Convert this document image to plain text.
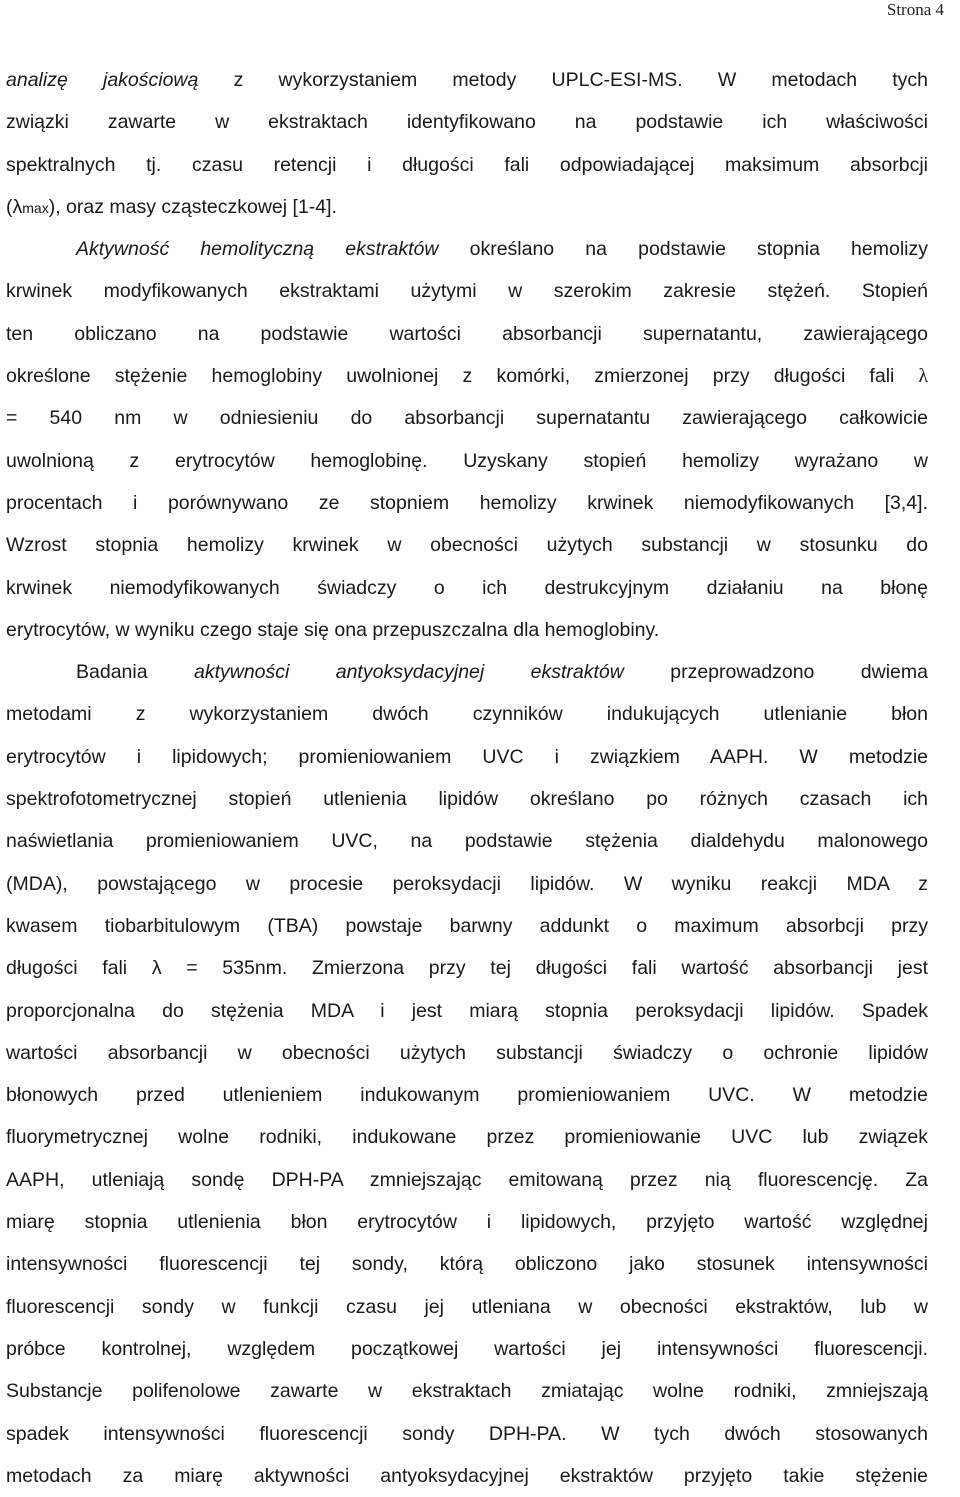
Strona 4
analizę jakościową z wykorzystaniem metody UPLC-ESI-MS. W metodach tych
związki zawarte w ekstraktach identyfikowano na podstawie ich właściwości
spektralnych tj. czasu retencji i długości fali odpowiadającej maksimum absorbcji
(λmax), oraz masy cząsteczkowej [1-4].
Aktywność hemolityczną ekstraktów określano na podstawie stopnia hemolizy
krwinek modyfikowanych ekstraktami użytymi w szerokim zakresie stężeń. Stopień
ten obliczano na podstawie wartości absorbancji supernatantu, zawierającego
określone stężenie hemoglobiny uwolnionej z komórki, zmierzonej przy długości fali λ
= 540 nm w odniesieniu do absorbancji supernatantu zawierającego całkowicie
uwolnioną z erytrocytów hemoglobinę. Uzyskany stopień hemolizy wyrażano w
procentach i porównywano ze stopniem hemolizy krwinek niemodyfikowanych [3,4].
Wzrost stopnia hemolizy krwinek w obecności użytych substancji w stosunku do
krwinek niemodyfikowanych świadczy o ich destrukcyjnym działaniu na błonę
erytrocytów, w wyniku czego staje się ona przepuszczalna dla hemoglobiny.
Badania aktywności antyoksydacyjnej ekstraktów przeprowadzono dwiema
metodami z wykorzystaniem dwóch czynników indukujących utlenianie błon
erytrocytów i lipidowych; promieniowaniem UVC i związkiem AAPH. W metodzie
spektrofotometrycznej stopień utlenienia lipidów określano po różnych czasach ich
naświetlania promieniowaniem UVC, na podstawie stężenia dialdehydu malonowego
(MDA), powstającego w procesie peroksydacji lipidów. W wyniku reakcji MDA z
kwasem tiobarbitulowym (TBA) powstaje barwny addunkt o maximum absorbcji przy
długości fali λ = 535nm. Zmierzona przy tej długości fali wartość absorbancji jest
proporcjonalna do stężenia MDA i jest miarą stopnia peroksydacji lipidów. Spadek
wartości absorbancji w obecności użytych substancji świadczy o ochronie lipidów
błonowych przed utlenieniem indukowanym promieniowaniem UVC. W metodzie
fluorymetrycznej wolne rodniki, indukowane przez promieniowanie UVC lub związek
AAPH, utleniają sondę DPH-PA zmniejszając emitowaną przez nią fluorescencję. Za
miarę stopnia utlenienia błon erytrocytów i lipidowych, przyjęto wartość względnej
intensywności fluorescencji tej sondy, którą obliczono jako stosunek intensywności
fluorescencji sondy w funkcji czasu jej utleniana w obecności ekstraktów, lub w
próbce kontrolnej, względem początkowej wartości jej intensywności fluorescencji.
Substancje polifenolowe zawarte w ekstraktach zmiatając wolne rodniki, zmniejszają
spadek intensywności fluorescencji sondy DPH-PA. W tych dwóch stosowanych
metodach za miarę aktywności antyoksydacyjnej ekstraktów przyjęto takie stężenie
